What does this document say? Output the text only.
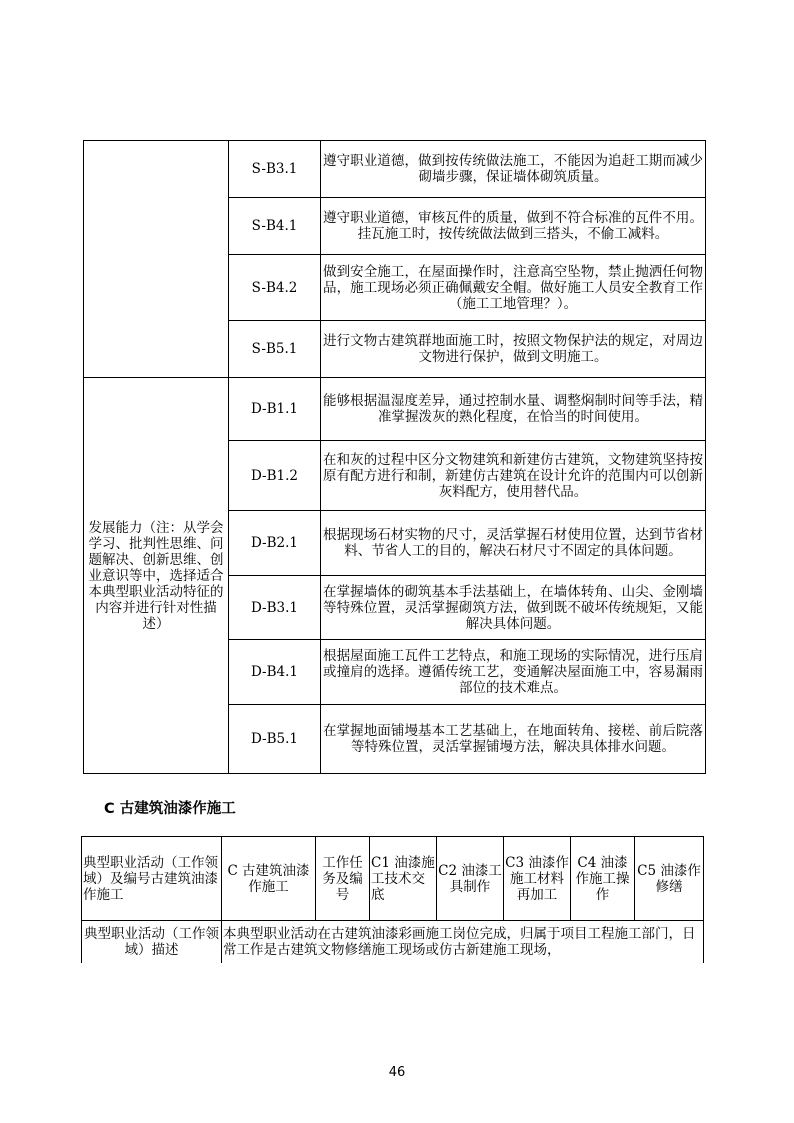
	S-B3.1	遵守职业道德，做到按传统做法施工，不能因为追赶工期而减少砌墙步骤，保证墙体砌筑质量。
	S-B4.1	遵守职业道德，审核瓦件的质量，做到不符合标准的瓦件不用。挂瓦施工时，按传统做法做到三搭头，不偷工减料。
	S-B4.2	做到安全施工，在屋面操作时，注意高空坠物，禁止抛洒任何物品，施工现场必须正确佩戴安全帽。做好施工人员安全教育工作（施工工地管理？）。
	S-B5.1	进行文物古建筑群地面施工时，按照文物保护法的规定，对周边文物进行保护，做到文明施工。
发展能力（注：从学会学习、批判性思维、问题解决、创新思维、创业意识等中，选择适合本典型职业活动特征的内容并进行针对性描述）	D-B1.1	能够根据温湿度差异，通过控制水量、调整焖制时间等手法，精准掌握泼灰的熟化程度，在恰当的时间使用。
	D-B1.2	在和灰的过程中区分文物建筑和新建仿古建筑，文物建筑坚持按原有配方进行和制，新建仿古建筑在设计允许的范围内可以创新灰料配方，使用替代品。
	D-B2.1	根据现场石材实物的尺寸，灵活掌握石材使用位置，达到节省材料、节省人工的目的，解决石材尺寸不固定的具体问题。
	D-B3.1	在掌握墙体的砌筑基本手法基础上，在墙体转角、山尖、金刚墙等特殊位置，灵活掌握砌筑方法，做到既不破坏传统规矩，又能解决具体问题。
	D-B4.1	根据屋面施工瓦件工艺特点，和施工现场的实际情况，进行压肩或撞肩的选择。遵循传统工艺，变通解决屋面施工中，容易漏雨部位的技术难点。
	D-B5.1	在掌握地面铺墁基本工艺基础上，在地面转角、接槎、前后院落等特殊位置，灵活掌握铺墁方法，解决具体排水问题。
C 古建筑油漆作施工
典型职业活动（工作领域）及编号古建筑油漆作施工	C 古建筑油漆作施工	工作任务及编号	C1 油漆施工技术交底	C2 油漆工具制作	C3 油漆作施工材料再加工	C4 油漆作施工操作	C5 油漆作修缮
典型职业活动（工作领域）描述	本典型职业活动在古建筑油漆彩画施工岗位完成，归属于项目工程施工部门，日常工作是古建筑文物修缮施工现场或仿古新建施工现场，						
46
